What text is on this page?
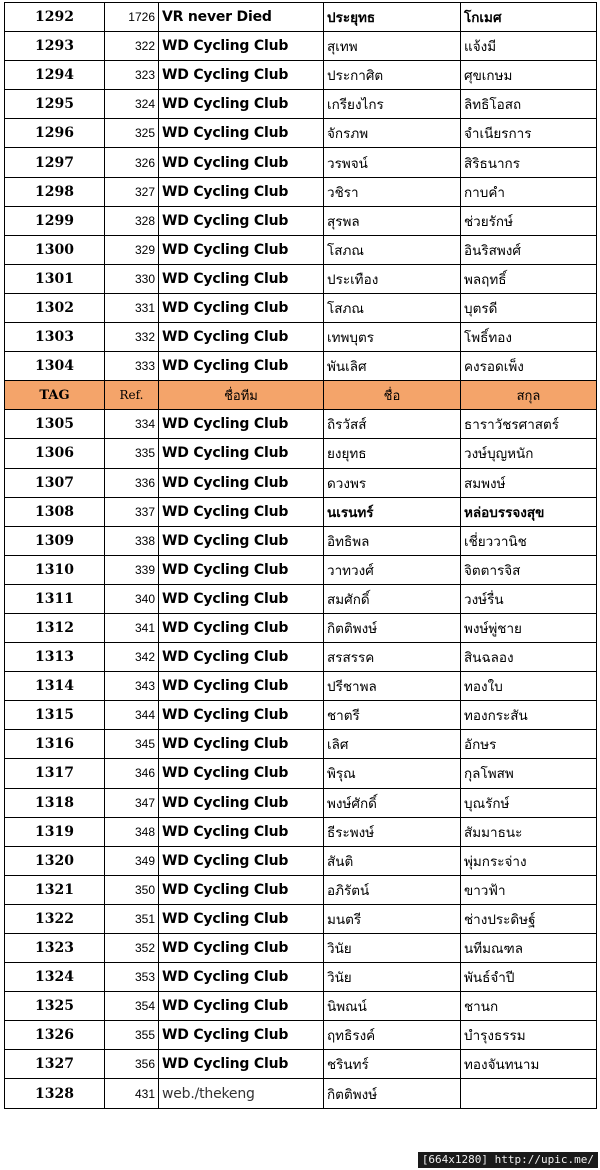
1292	1726	VR never Died	ประยุทธ	โกเมศ
1293	322	WD Cycling Club	สุเทพ	แจ้งมี
1294	323	WD Cycling Club	ประกาศิต	ศุขเกษม
1295	324	WD Cycling Club	เกรียงไกร	ลิทธิโอสถ
1296	325	WD Cycling Club	จักรภพ	จำเนียรการ
1297	326	WD Cycling Club	วรพจน์	สิริธนากร
1298	327	WD Cycling Club	วชิรา	กาบคำ
1299	328	WD Cycling Club	สุรพล	ช่วยรักษ์
1300	329	WD Cycling Club	โสภณ	อินริสพงศ์
1301	330	WD Cycling Club	ประเทือง	พลฤทธิ์
1302	331	WD Cycling Club	โสภณ	บุตรดี
1303	332	WD Cycling Club	เทพบุตร	โพธิ์ทอง
1304	333	WD Cycling Club	พันเลิศ	คงรอดเพ็ง
TAG	Ref.	ชื่อทีม	ชื่อ	สกุล
1305	334	WD Cycling Club	ถิรวัสส์	ธาราวัชรศาสตร์
1306	335	WD Cycling Club	ยงยุทธ	วงษ์บุญหนัก
1307	336	WD Cycling Club	ดวงพร	สมพงษ์
1308	337	WD Cycling Club	นเรนทร์	หล่อบรรจงสุข
1309	338	WD Cycling Club	อิทธิพล	เชี่ยววานิช
1310	339	WD Cycling Club	วาทวงศ์	จิตตารจิส
1311	340	WD Cycling Club	สมศักดิ์	วงษ์รื่น
1312	341	WD Cycling Club	กิตติพงษ์	พงษ์พู่ชาย
1313	342	WD Cycling Club	สรสรรค	สินฉลอง
1314	343	WD Cycling Club	ปรีชาพล	ทองใบ
1315	344	WD Cycling Club	ชาตรี	ทองกระสัน
1316	345	WD Cycling Club	เลิศ	อักษร
1317	346	WD Cycling Club	พิรุณ	กุลโพสพ
1318	347	WD Cycling Club	พงษ์ศักดิ์	บุณรักษ์
1319	348	WD Cycling Club	ธีระพงษ์	สัมมาธนะ
1320	349	WD Cycling Club	สันติ	พุ่มกระจ่าง
1321	350	WD Cycling Club	อภิรัตน์	ขาวฟ้า
1322	351	WD Cycling Club	มนตรี	ช่างประดิษฐ์
1323	352	WD Cycling Club	วินัย	นทีมณฑล
1324	353	WD Cycling Club	วินัย	พันธ์จำปี
1325	354	WD Cycling Club	นิพณน์	ชานก
1326	355	WD Cycling Club	ฤทธิรงค์	บำรุงธรรม
1327	356	WD Cycling Club	ชรินทร์	ทองจันทนาม
1328	431	web./thekeng	กิตติพงษ์	
[664x1280] http://upic.me/
